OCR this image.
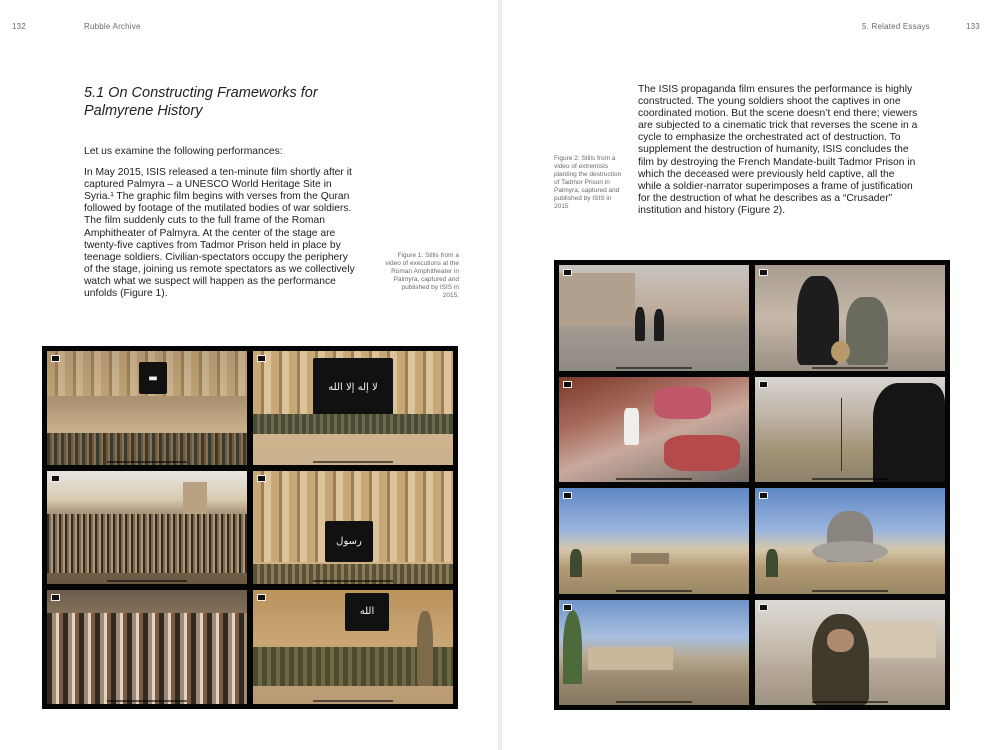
132	Rubble Archive
5.1 On Constructing Frameworks for Palmyrene History

Let us examine the following performances:

In May 2015, ISIS released a ten-minute film shortly after it captured Palmyra – a UNESCO World Heritage Site in Syria.¹ The graphic film begins with verses from the Quran followed by footage of the mutilated bodies of war soldiers. The film suddenly cuts to the full frame of the Roman Amphitheater of Palmyra. At the center of the stage are twenty-five captives from Tadmor Prison held in place by teenage soldiers. Civilian-spectators occupy the periphery of the stage, joining us remote spectators as we collectively watch what we suspect will happen as the performance unfolds (Figure 1).

Figure 1: Stills from a video of executions at the Roman Amphitheater in Palmyra, captured and published by ISIS in 2015.
▬
لا إله إلا الله
رسول
الله
5. Related Essays	133
Figure 2: Stills from a video of extremists planting the destruction of Tadmor Prison in Palmyra, captured and published by ISIS in 2015

The ISIS propaganda film ensures the performance is highly constructed. The young soldiers shoot the captives in one coordinated motion. But the scene doesn’t end there; viewers are subjected to a cinematic trick that reverses the scene in a cycle to emphasize the orchestrated act of destruction. To supplement the destruction of humanity, ISIS concludes the film by destroying the French Mandate-built Tadmor Prison in which the deceased were previously held captive, all the while a soldier-narrator superimposes a frame of justification for the destruction of what he describes as a “Crusader” institution and history (Figure 2).
